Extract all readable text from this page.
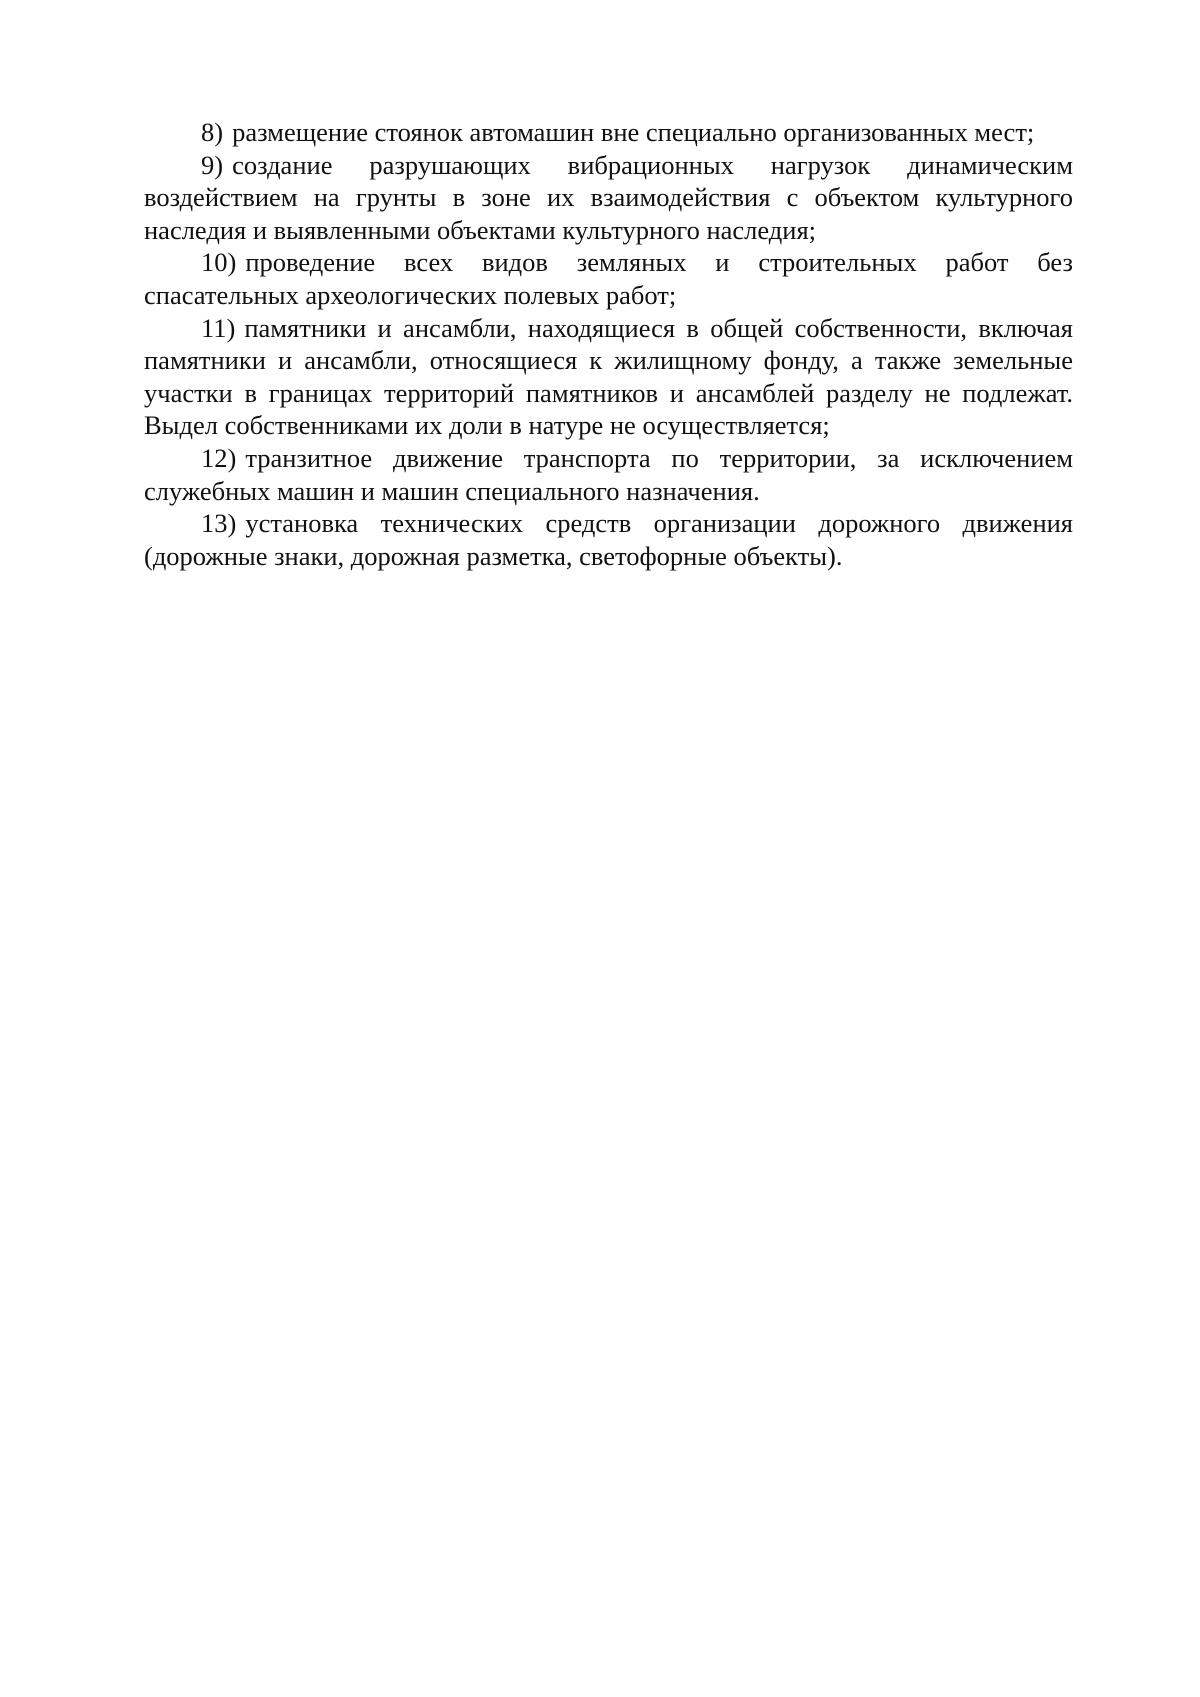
8) размещение стоянок автомашин вне специально организованных мест;

9) создание разрушающих вибрационных нагрузок динамическим воздействием на грунты в зоне их взаимодействия с объектом культурного наследия и выявленными объектами культурного наследия;

10) проведение всех видов земляных и строительных работ без спасательных археологических полевых работ;

11) памятники и ансамбли, находящиеся в общей собственности, включая памятники и ансамбли, относящиеся к жилищному фонду, а также земельные участки в границах территорий памятников и ансамблей разделу не подлежат. Выдел собственниками их доли в натуре не осуществляется;

12) транзитное движение транспорта по территории, за исключением служебных машин и машин специального назначения.

13) установка технических средств организации дорожного движения (дорожные знаки, дорожная разметка, светофорные объекты).
